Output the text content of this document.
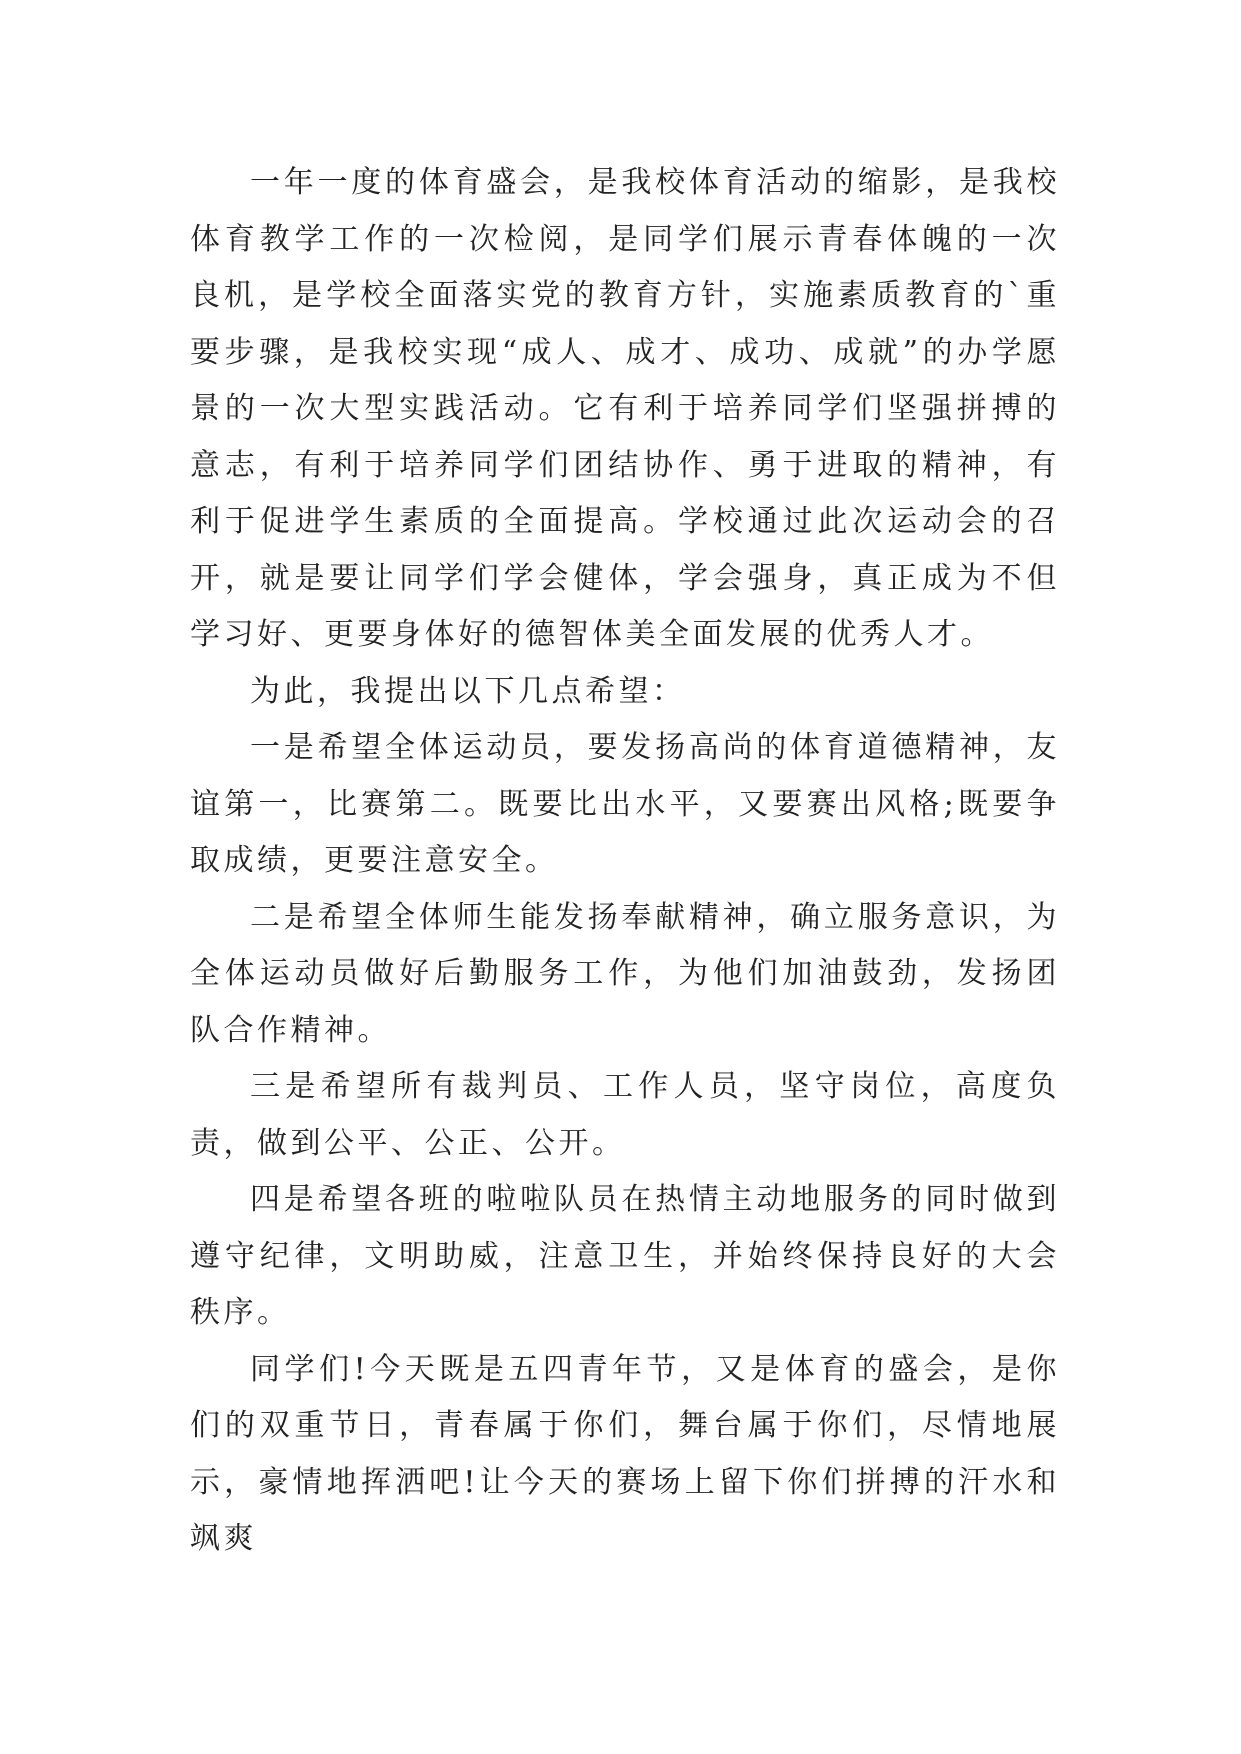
一年一度的体育盛会，是我校体育活动的缩影，是我校体育教学工作的一次检阅，是同学们展示青春体魄的一次良机，是学校全面落实党的教育方针，实施素质教育的`重要步骤，是我校实现“成人、成才、成功、成就”的办学愿景的一次大型实践活动。它有利于培养同学们坚强拼搏的意志，有利于培养同学们团结协作、勇于进取的精神，有利于促进学生素质的全面提高。学校通过此次运动会的召开，就是要让同学们学会健体，学会强身，真正成为不但学习好、更要身体好的德智体美全面发展的优秀人才。

为此，我提出以下几点希望：

一是希望全体运动员，要发扬高尚的体育道德精神，友谊第一，比赛第二。既要比出水平，又要赛出风格;既要争取成绩，更要注意安全。

二是希望全体师生能发扬奉献精神，确立服务意识，为全体运动员做好后勤服务工作，为他们加油鼓劲，发扬团队合作精神。

三是希望所有裁判员、工作人员，坚守岗位，高度负责，做到公平、公正、公开。

四是希望各班的啦啦队员在热情主动地服务的同时做到遵守纪律，文明助威，注意卫生，并始终保持良好的大会秩序。

同学们!今天既是五四青年节，又是体育的盛会，是你们的双重节日，青春属于你们，舞台属于你们，尽情地展示，豪情地挥洒吧!让今天的赛场上留下你们拼搏的汗水和飒爽
